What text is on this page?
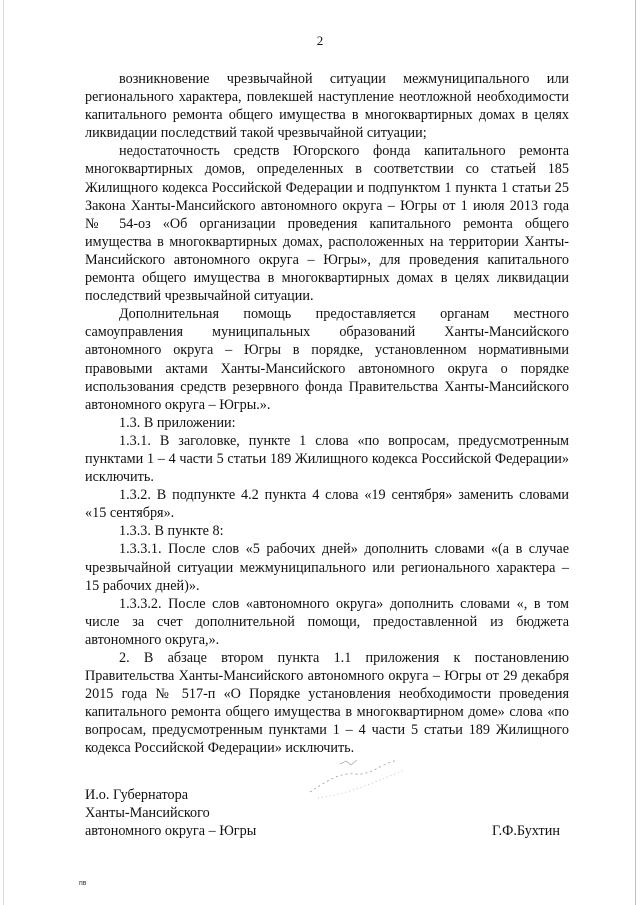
2

возникновение чрезвычайной ситуации межмуниципального или регионального характера, повлекшей наступление неотложной необходимости капитального ремонта общего имущества в многоквартирных домах в целях ликвидации последствий такой чрезвычайной ситуации;

недостаточность средств Югорского фонда капитального ремонта многоквартирных домов, определенных в соответствии со статьей 185 Жилищного кодекса Российской Федерации и подпунктом 1 пункта 1 статьи 25 Закона Ханты-Мансийского автономного округа – Югры от 1 июля 2013 года № 54-оз «Об организации проведения капитального ремонта общего имущества в многоквартирных домах, расположенных на территории Ханты-Мансийского автономного округа – Югры», для проведения капитального ремонта общего имущества в многоквартирных домах в целях ликвидации последствий чрезвычайной ситуации.

Дополнительная помощь предоставляется органам местного самоуправления муниципальных образований Ханты-Мансийского автономного округа – Югры в порядке, установленном нормативными правовыми актами Ханты-Мансийского автономного округа о порядке использования средств резервного фонда Правительства Ханты-Мансийского автономного округа – Югры.».

1.3. В приложении:

1.3.1. В заголовке, пункте 1 слова «по вопросам, предусмотренным пунктами 1 – 4 части 5 статьи 189 Жилищного кодекса Российской Федерации» исключить.

1.3.2. В подпункте 4.2 пункта 4 слова «19 сентября» заменить словами «15 сентября».

1.3.3. В пункте 8:

1.3.3.1. После слов «5 рабочих дней» дополнить словами «(а в случае чрезвычайной ситуации межмуниципального или регионального характера – 15 рабочих дней)».

1.3.3.2. После слов «автономного округа» дополнить словами «, в том числе за счет дополнительной помощи, предоставленной из бюджета автономного округа,».

2. В абзаце втором пункта 1.1 приложения к постановлению Правительства Ханты-Мансийского автономного округа – Югры от 29 декабря 2015 года № 517-п «О Порядке установления необходимости проведения капитального ремонта общего имущества в многоквартирном доме» слова «по вопросам, предусмотренным пунктами 1 – 4 части 5 статьи 189 Жилищного кодекса Российской Федерации» исключить.

И.о. Губернатора
Ханты-Мансийского
автономного округа – Югры	Г.Ф.Бухтин
пв
